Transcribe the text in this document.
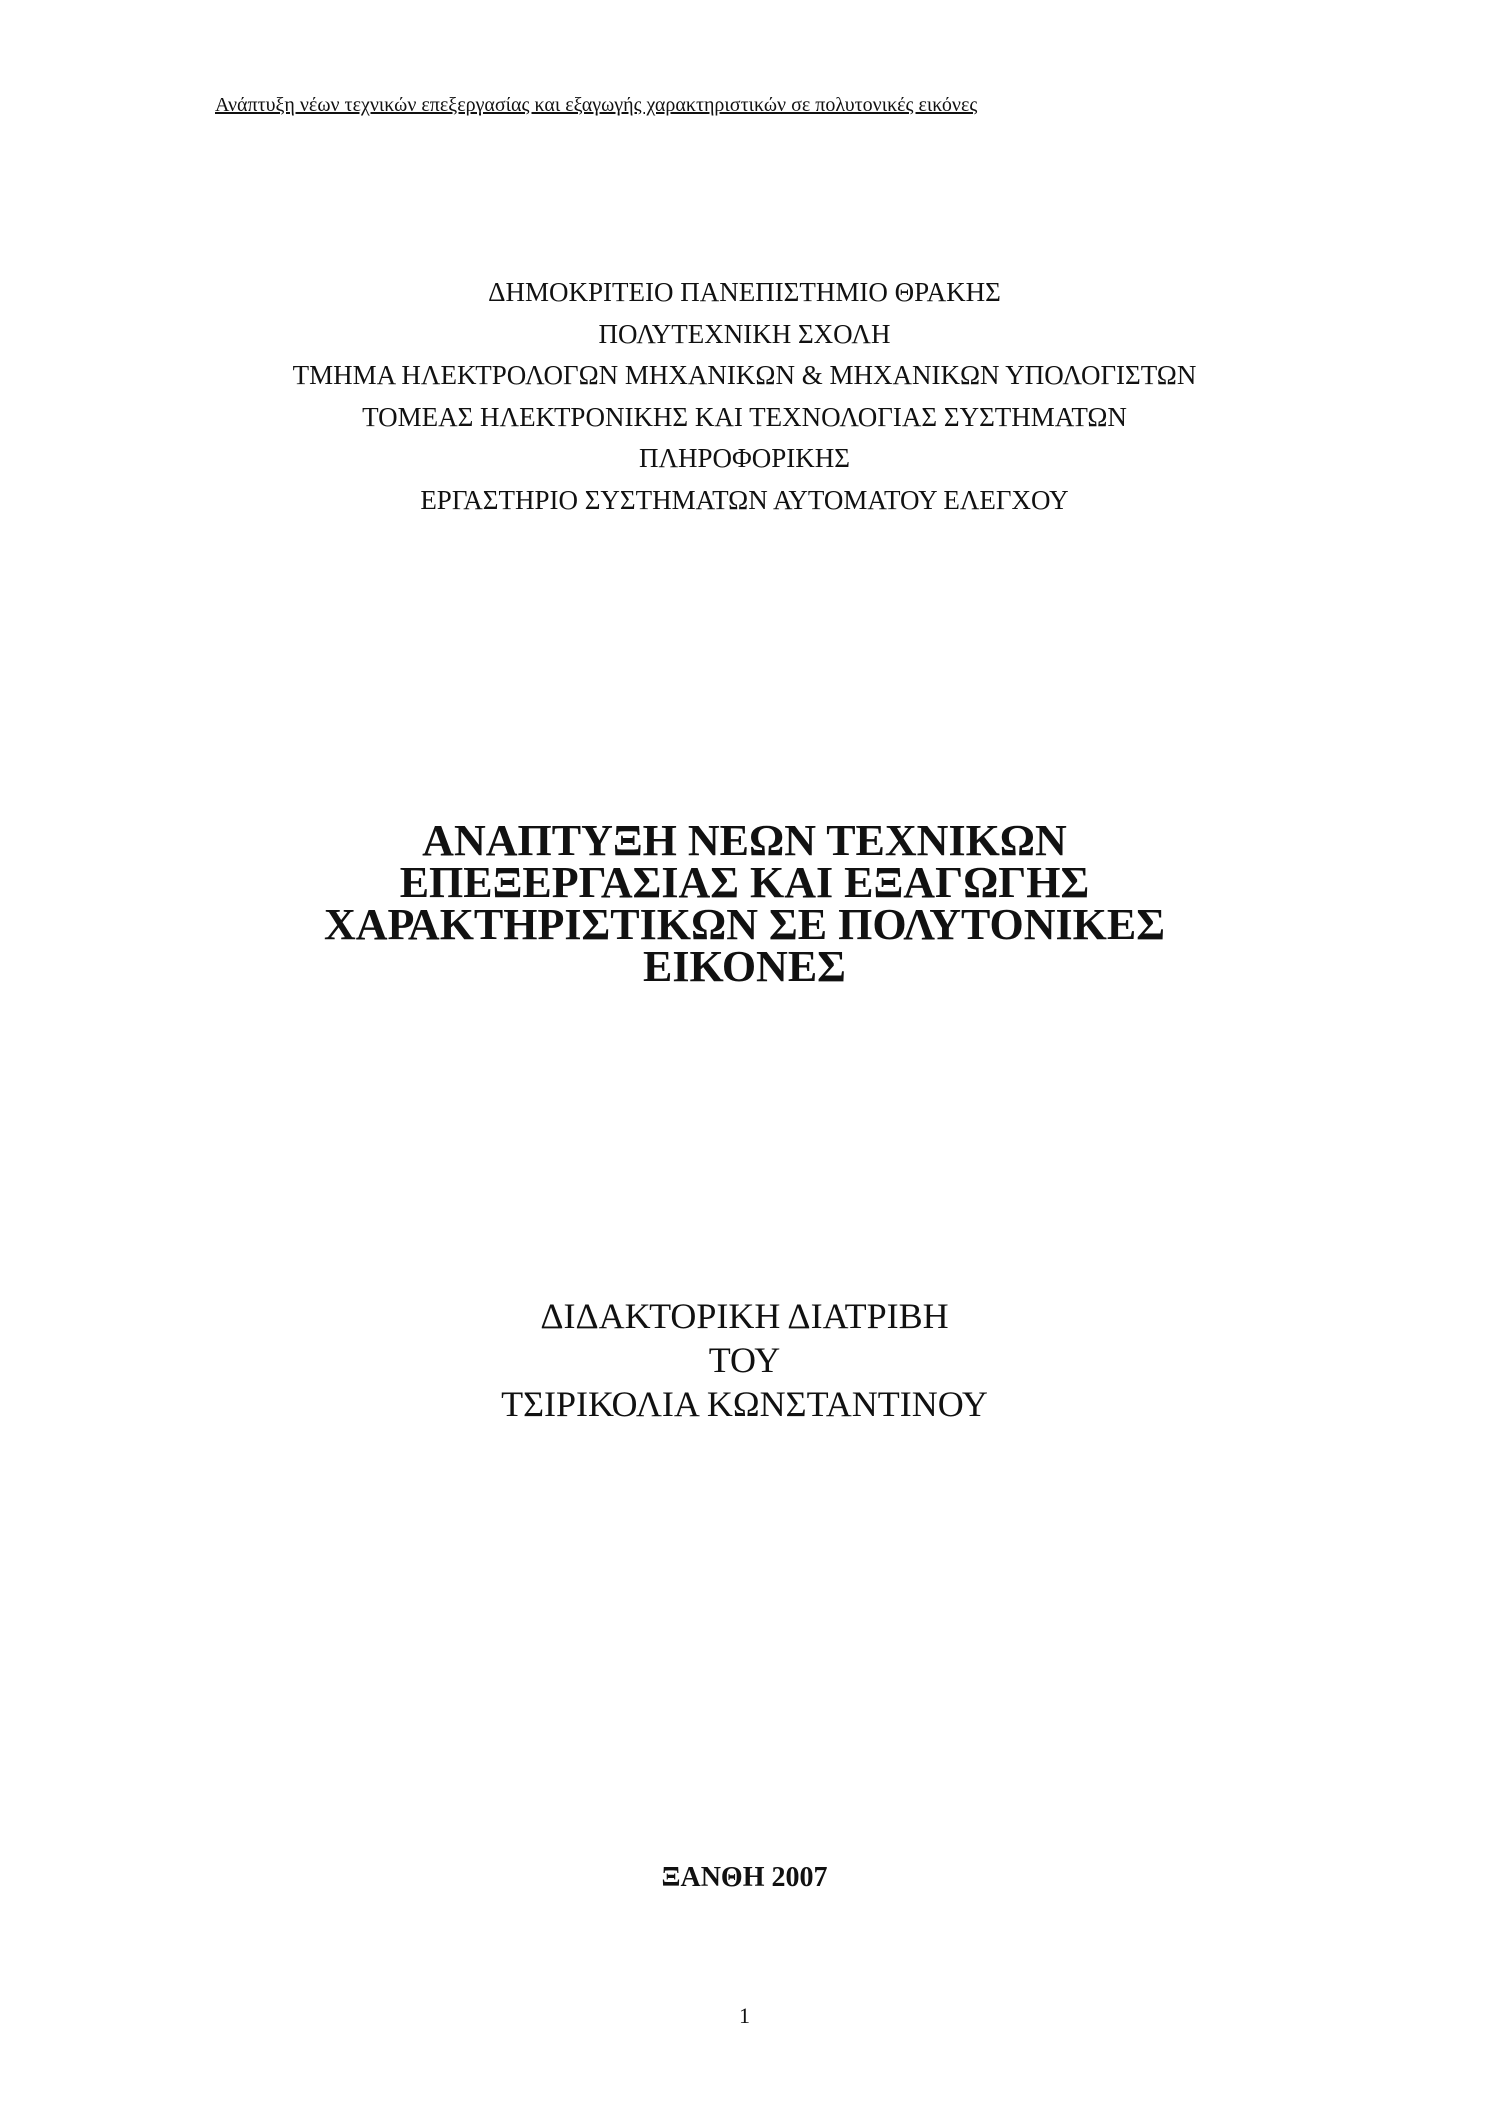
Ανάπτυξη νέων τεχνικών επεξεργασίας και εξαγωγής χαρακτηριστικών σε πολυτονικές εικόνες
ΔΗΜΟΚΡΙΤΕΙΟ ΠΑΝΕΠΙΣΤΗΜΙΟ ΘΡΑΚΗΣ
ΠΟΛΥΤΕΧΝΙΚΗ ΣΧΟΛΗ
ΤΜΗΜΑ ΗΛΕΚΤΡΟΛΟΓΩΝ ΜΗΧΑΝΙΚΩΝ & ΜΗΧΑΝΙΚΩΝ ΥΠΟΛΟΓΙΣΤΩΝ
ΤΟΜΕΑΣ ΗΛΕΚΤΡΟΝΙΚΗΣ ΚΑΙ ΤΕΧΝΟΛΟΓΙΑΣ ΣΥΣΤΗΜΑΤΩΝ
ΠΛΗΡΟΦΟΡΙΚΗΣ
ΕΡΓΑΣΤΗΡΙΟ ΣΥΣΤΗΜΑΤΩΝ ΑΥΤΟΜΑΤΟΥ ΕΛΕΓΧΟΥ
ΑΝΑΠΤΥΞΗ ΝΕΩΝ ΤΕΧΝΙΚΩΝ
ΕΠΕΞΕΡΓΑΣΙΑΣ ΚΑΙ ΕΞΑΓΩΓΗΣ
ΧΑΡΑΚΤΗΡΙΣΤΙΚΩΝ ΣΕ ΠΟΛΥΤΟΝΙΚΕΣ
ΕΙΚΟΝΕΣ
ΔΙΔΑΚΤΟΡΙΚΗ ΔΙΑΤΡΙΒΗ
ΤΟΥ
ΤΣΙΡΙΚΟΛΙΑ ΚΩΝΣΤΑΝΤΙΝΟΥ
ΞΑΝΘΗ 2007
1
